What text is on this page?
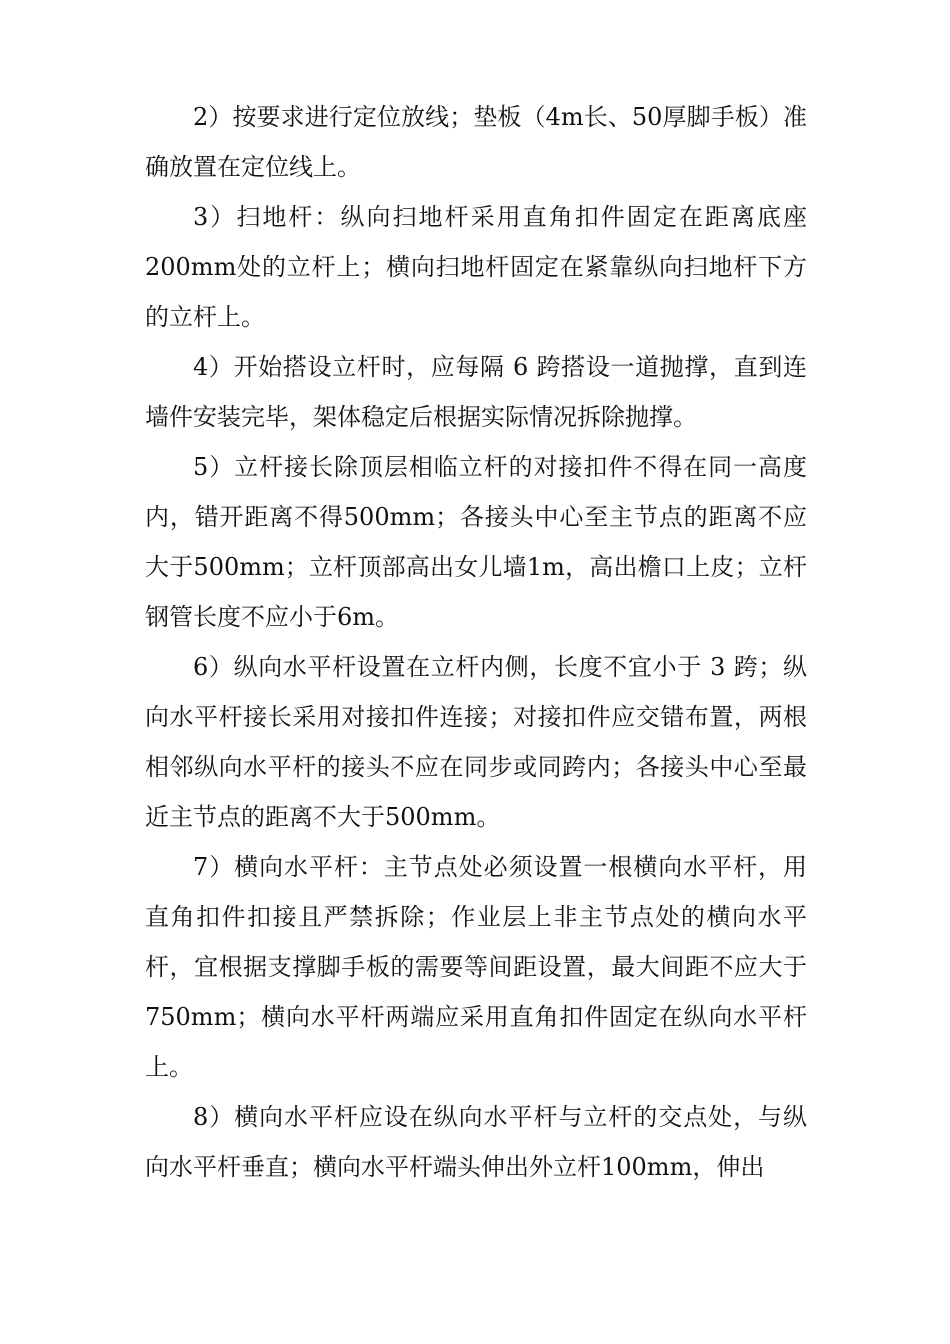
2）按要求进行定位放线；垫板（4m长、50厚脚手板）准确放置在定位线上。

3）扫地杆：纵向扫地杆采用直角扣件固定在距离底座200mm处的立杆上；横向扫地杆固定在紧靠纵向扫地杆下方的立杆上。

4）开始搭设立杆时，应每隔 6 跨搭设一道抛撑，直到连墙件安装完毕，架体稳定后根据实际情况拆除抛撑。

5）立杆接长除顶层相临立杆的对接扣件不得在同一高度内，错开距离不得500mm；各接头中心至主节点的距离不应大于500mm；立杆顶部高出女儿墙1m，高出檐口上皮；立杆钢管长度不应小于6m。

6）纵向水平杆设置在立杆内侧，长度不宜小于 3 跨；纵向水平杆接长采用对接扣件连接；对接扣件应交错布置，两根相邻纵向水平杆的接头不应在同步或同跨内；各接头中心至最近主节点的距离不大于500mm。

7）横向水平杆：主节点处必须设置一根横向水平杆，用直角扣件扣接且严禁拆除；作业层上非主节点处的横向水平杆，宜根据支撑脚手板的需要等间距设置，最大间距不应大于750mm；横向水平杆两端应采用直角扣件固定在纵向水平杆上。

8）横向水平杆应设在纵向水平杆与立杆的交点处，与纵向水平杆垂直；横向水平杆端头伸出外立杆100mm，伸出
